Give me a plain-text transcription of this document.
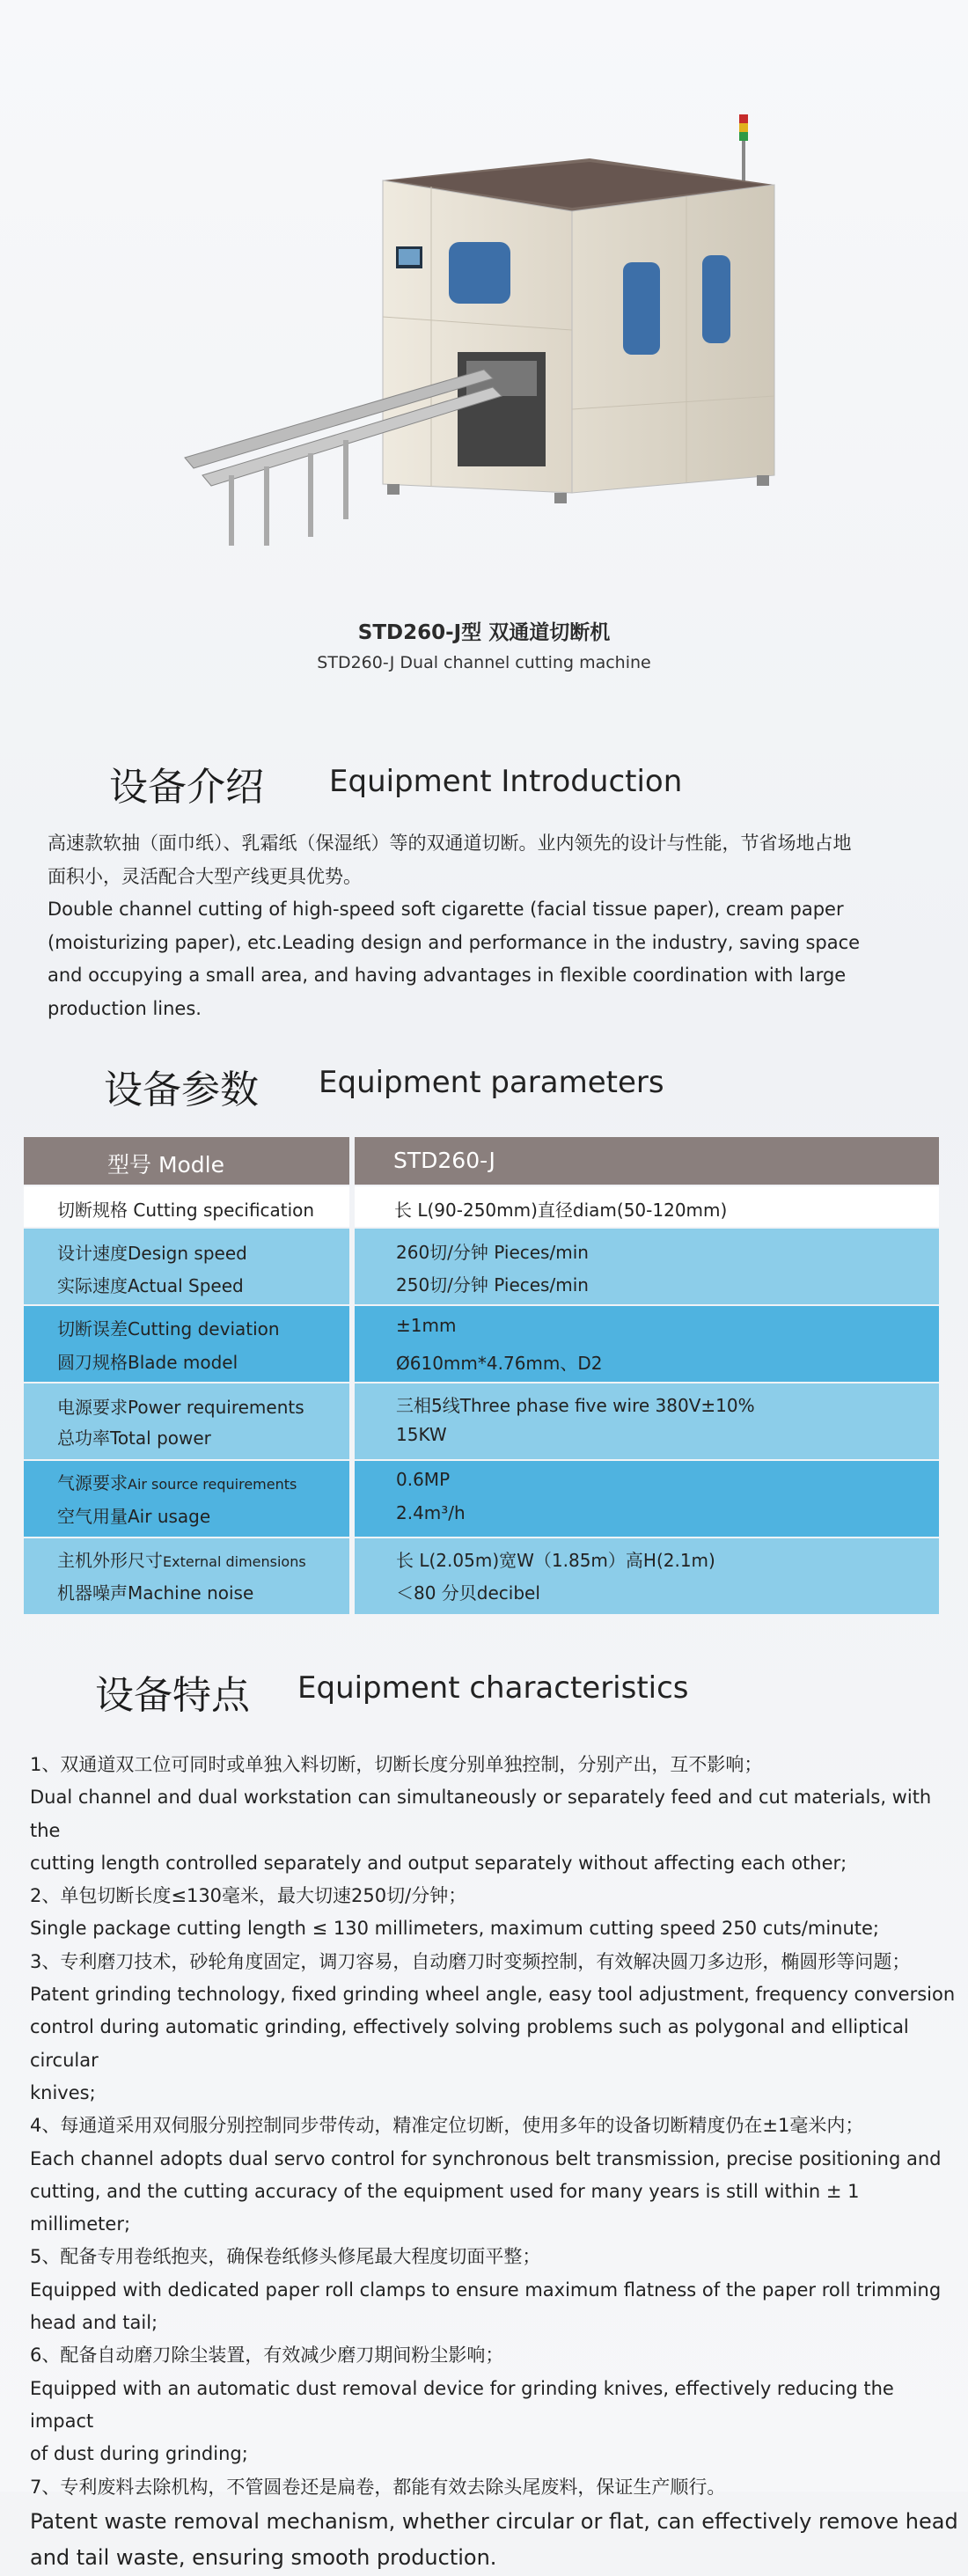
STD260-J型 双通道切断机
STD260-J Dual channel cutting machine
设备介绍 Equipment Introduction

高速款软抽（面巾纸）、乳霜纸（保湿纸）等的双通道切断。业内领先的设计与性能，节省场地占地

面积小，灵活配合大型产线更具优势。

Double channel cutting of high-speed soft cigarette (facial tissue paper), cream paper

(moisturizing paper), etc.Leading design and performance in the industry, saving space

and occupying a small area, and having advantages in flexible coordination with large

production lines.

设备参数 Equipment parameters
型号 Modle	STD260-J
切断规格 Cutting specification	长 L(90-250mm)直径diam(50-120mm)
设计速度Design speed
实际速度Actual Speed
260切/分钟 Pieces/min
250切/分钟 Pieces/min
切断误差Cutting deviation
圆刀规格Blade model
±1mm
Ø610mm*4.76mm、D2
电源要求Power requirements
总功率Total power
三相5线Three phase five wire 380V±10%
15KW
气源要求Air source requirements
空气用量Air usage
0.6MP
2.4m³/h
主机外形尺寸External dimensions
机器噪声Machine noise
长 L(2.05m)宽W（1.85m）高H(2.1m)
＜80 分贝decibel
设备特点 Equipment characteristics

1、双通道双工位可同时或单独入料切断，切断长度分别单独控制，分别产出，互不影响；

Dual channel and dual workstation can simultaneously or separately feed and cut materials, with the

cutting length controlled separately and output separately without affecting each other;

2、单包切断长度≤130毫米，最大切速250切/分钟；

Single package cutting length ≤ 130 millimeters, maximum cutting speed 250 cuts/minute;

3、专利磨刀技术，砂轮角度固定，调刀容易，自动磨刀时变频控制，有效解决圆刀多边形，椭圆形等问题；

Patent grinding technology, fixed grinding wheel angle, easy tool adjustment, frequency conversion

control during automatic grinding, effectively solving problems such as polygonal and elliptical circular

knives;

4、每通道采用双伺服分别控制同步带传动，精准定位切断，使用多年的设备切断精度仍在±1毫米内；

Each channel adopts dual servo control for synchronous belt transmission, precise positioning and

cutting, and the cutting accuracy of the equipment used for many years is still within ± 1 millimeter;

5、配备专用卷纸抱夹，确保卷纸修头修尾最大程度切面平整；

Equipped with dedicated paper roll clamps to ensure maximum flatness of the paper roll trimming

head and tail;

6、配备自动磨刀除尘装置，有效减少磨刀期间粉尘影响；

Equipped with an automatic dust removal device for grinding knives, effectively reducing the impact

of dust during grinding;

7、专利废料去除机构，不管圆卷还是扁卷，都能有效去除头尾废料，保证生产顺行。

Patent waste removal mechanism, whether circular or flat, can effectively remove head

and tail waste, ensuring smooth production.
